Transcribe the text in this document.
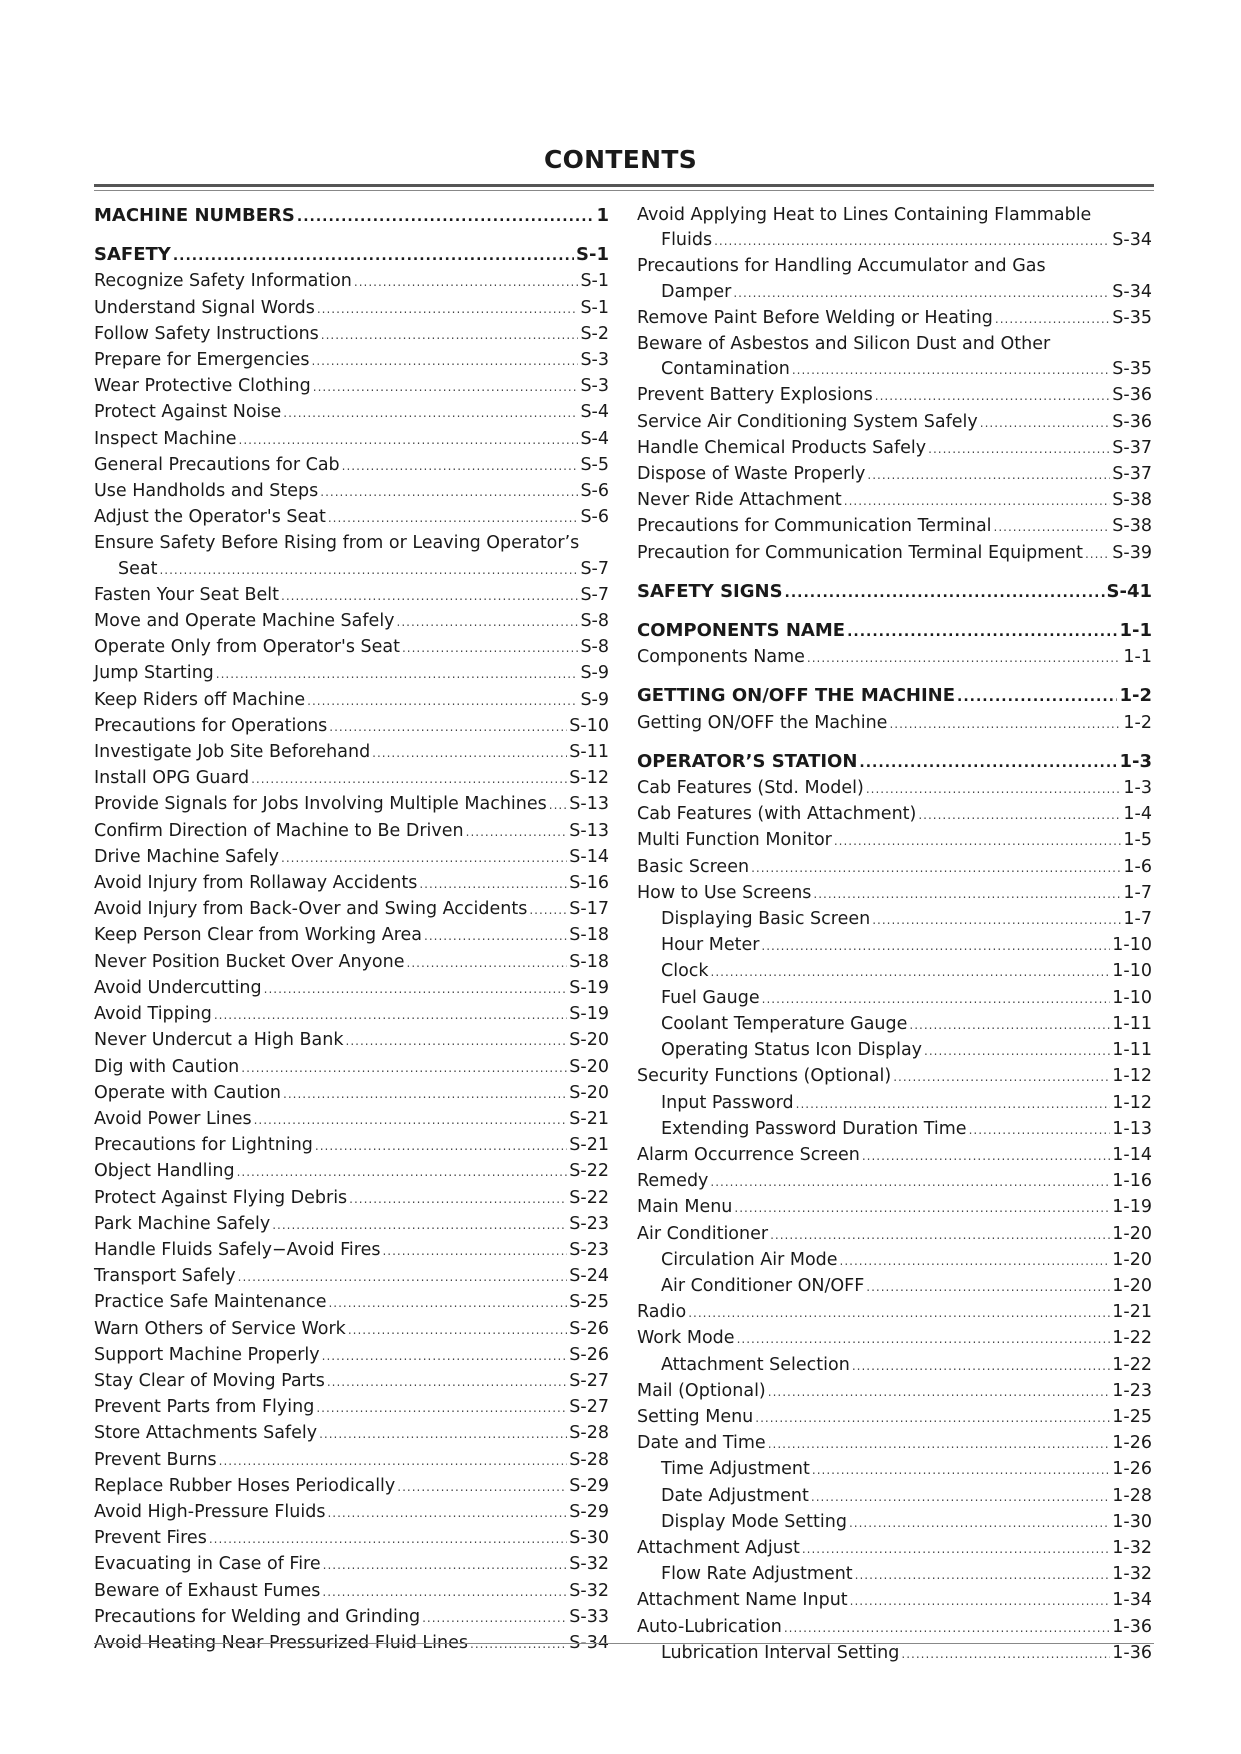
CONTENTS
MACHINE NUMBERS .....	1
SAFETY .....	S-1
Recognize Safety Information .....	S-1
Understand Signal Words .....	S-1
Follow Safety Instructions .....	S-2
Prepare for Emergencies .....	S-3
Wear Protective Clothing .....	S-3
Protect Against Noise .....	S-4
Inspect Machine .....	S-4
General Precautions for Cab .....	S-5
Use Handholds and Steps .....	S-6
Adjust the Operator's Seat .....	S-6
Ensure Safety Before Rising from or Leaving Operator’s
Seat .....	S-7
Fasten Your Seat Belt .....	S-7
Move and Operate Machine Safely .....	S-8
Operate Only from Operator's Seat .....	S-8
Jump Starting .....	S-9
Keep Riders off Machine .....	S-9
Precautions for Operations .....	S-10
Investigate Job Site Beforehand .....	S-11
Install OPG Guard .....	S-12
Provide Signals for Jobs Involving Multiple Machines ..... S-13
Confirm Direction of Machine to Be Driven .....	S-13
Drive Machine Safely .....	S-14
Avoid Injury from Rollaway Accidents .....	S-16
Avoid Injury from Back-Over and Swing Accidents ..... S-17
Keep Person Clear from Working Area .....	S-18
Never Position Bucket Over Anyone .....	S-18
Avoid Undercutting .....	S-19
Avoid Tipping .....	S-19
Never Undercut a High Bank .....	S-20
Dig with Caution .....	S-20
Operate with Caution .....	S-20
Avoid Power Lines .....	S-21
Precautions for Lightning .....	S-21
Object Handling .....	S-22
Protect Against Flying Debris .....	S-22
Park Machine Safely .....	S-23
Handle Fluids Safely−Avoid Fires .....	S-23
Transport Safely .....	S-24
Practice Safe Maintenance .....	S-25
Warn Others of Service Work .....	S-26
Support Machine Properly .....	S-26
Stay Clear of Moving Parts .....	S-27
Prevent Parts from Flying .....	S-27
Store Attachments Safely .....	S-28
Prevent Burns .....	S-28
Replace Rubber Hoses Periodically .....	S-29
Avoid High-Pressure Fluids .....	S-29
Prevent Fires .....	S-30
Evacuating in Case of Fire .....	S-32
Beware of Exhaust Fumes .....	S-32
Precautions for Welding and Grinding .....	S-33
Avoid Heating Near Pressurized Fluid Lines .....	S-34
Avoid Applying Heat to Lines Containing Flammable
Fluids .....	S-34
Precautions for Handling Accumulator and Gas
Damper .....	S-34
Remove Paint Before Welding or Heating .....	S-35
Beware of Asbestos and Silicon Dust and Other
Contamination .....	S-35
Prevent Battery Explosions .....	S-36
Service Air Conditioning System Safely .....	S-36
Handle Chemical Products Safely .....	S-37
Dispose of Waste Properly .....	S-37
Never Ride Attachment .....	S-38
Precautions for Communication Terminal .....	S-38
Precaution for Communication Terminal Equipment ..... S-39
SAFETY SIGNS .....	S-41
COMPONENTS NAME .....	1-1
Components Name .....	1-1
GETTING ON/OFF THE MACHINE .....	1-2
Getting ON/OFF the Machine .....	1-2
OPERATOR’S STATION .....	1-3
Cab Features (Std. Model) .....	1-3
Cab Features (with Attachment) .....	1-4
Multi Function Monitor .....	1-5
Basic Screen .....	1-6
How to Use Screens .....	1-7
Displaying Basic Screen .....	1-7
Hour Meter .....	1-10
Clock .....	1-10
Fuel Gauge .....	1-10
Coolant Temperature Gauge .....	1-11
Operating Status Icon Display .....	1-11
Security Functions (Optional) .....	1-12
Input Password .....	1-12
Extending Password Duration Time .....	1-13
Alarm Occurrence Screen .....	1-14
Remedy .....	1-16
Main Menu .....	1-19
Air Conditioner .....	1-20
Circulation Air Mode .....	1-20
Air Conditioner ON/OFF .....	1-20
Radio .....	1-21
Work Mode .....	1-22
Attachment Selection .....	1-22
Mail (Optional) .....	1-23
Setting Menu .....	1-25
Date and Time .....	1-26
Time Adjustment .....	1-26
Date Adjustment .....	1-28
Display Mode Setting .....	1-30
Attachment Adjust .....	1-32
Flow Rate Adjustment .....	1-32
Attachment Name Input .....	1-34
Auto-Lubrication .....	1-36
Lubrication Interval Setting .....	1-36
